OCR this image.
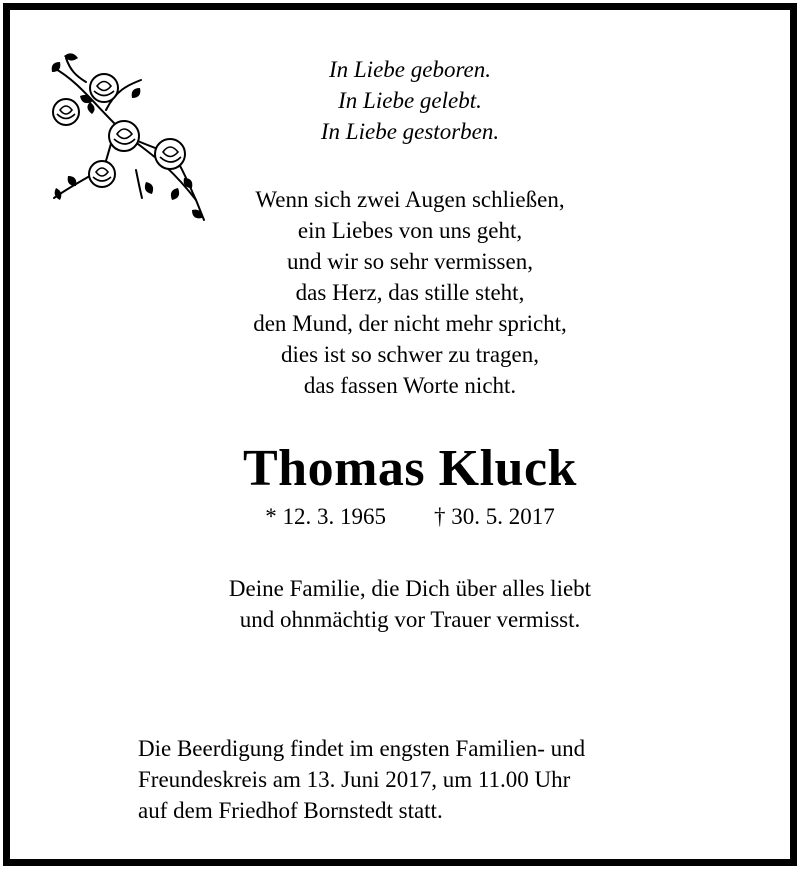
In Liebe geboren.
In Liebe gelebt.
In Liebe gestorben.
Wenn sich zwei Augen schließen,
ein Liebes von uns geht,
und wir so sehr vermissen,
das Herz, das stille steht,
den Mund, der nicht mehr spricht,
dies ist so schwer zu tragen,
das fassen Worte nicht.
Thomas Kluck
* 12. 3. 1965 † 30. 5. 2017
Deine Familie, die Dich über alles liebt
und ohnmächtig vor Trauer vermisst.
Die Beerdigung findet im engsten Familien- und
Freundeskreis am 13. Juni 2017, um 11.00 Uhr
auf dem Friedhof Bornstedt statt.
